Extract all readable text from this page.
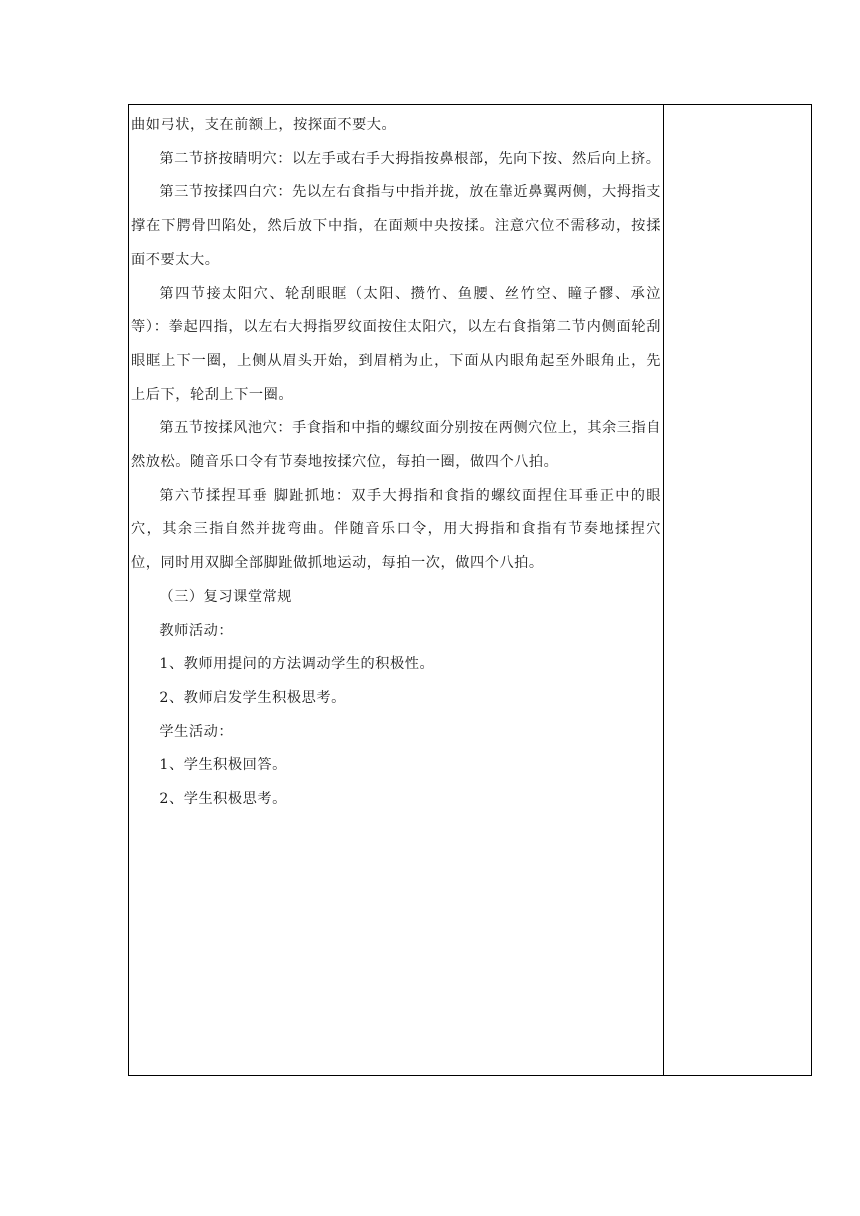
曲如弓状，支在前额上，按探面不要大。

第二节挤按睛明穴：以左手或右手大拇指按鼻根部，先向下按、然后向上挤。

第三节按揉四白穴：先以左右食指与中指并拢，放在靠近鼻翼两侧，大拇指支撑在下腭骨凹陷处，然后放下中指，在面颊中央按揉。注意穴位不需移动，按揉面不要太大。

第四节接太阳穴、轮刮眼眶（太阳、攒竹、鱼腰、丝竹空、瞳子髎、承泣等）：拳起四指，以左右大拇指罗纹面按住太阳穴，以左右食指第二节内侧面轮刮眼眶上下一圈，上侧从眉头开始，到眉梢为止，下面从内眼角起至外眼角止，先上后下，轮刮上下一圈。

第五节按揉风池穴：手食指和中指的螺纹面分别按在两侧穴位上，其余三指自然放松。随音乐口令有节奏地按揉穴位，每拍一圈，做四个八拍。

第六节揉捏耳垂 脚趾抓地：双手大拇指和食指的螺纹面捏住耳垂正中的眼穴，其余三指自然并拢弯曲。伴随音乐口令，用大拇指和食指有节奏地揉捏穴位，同时用双脚全部脚趾做抓地运动，每拍一次，做四个八拍。

（三）复习课堂常规

教师活动：

1、教师用提问的方法调动学生的积极性。

2、教师启发学生积极思考。

学生活动：

1、学生积极回答。

2、学生积极思考。
